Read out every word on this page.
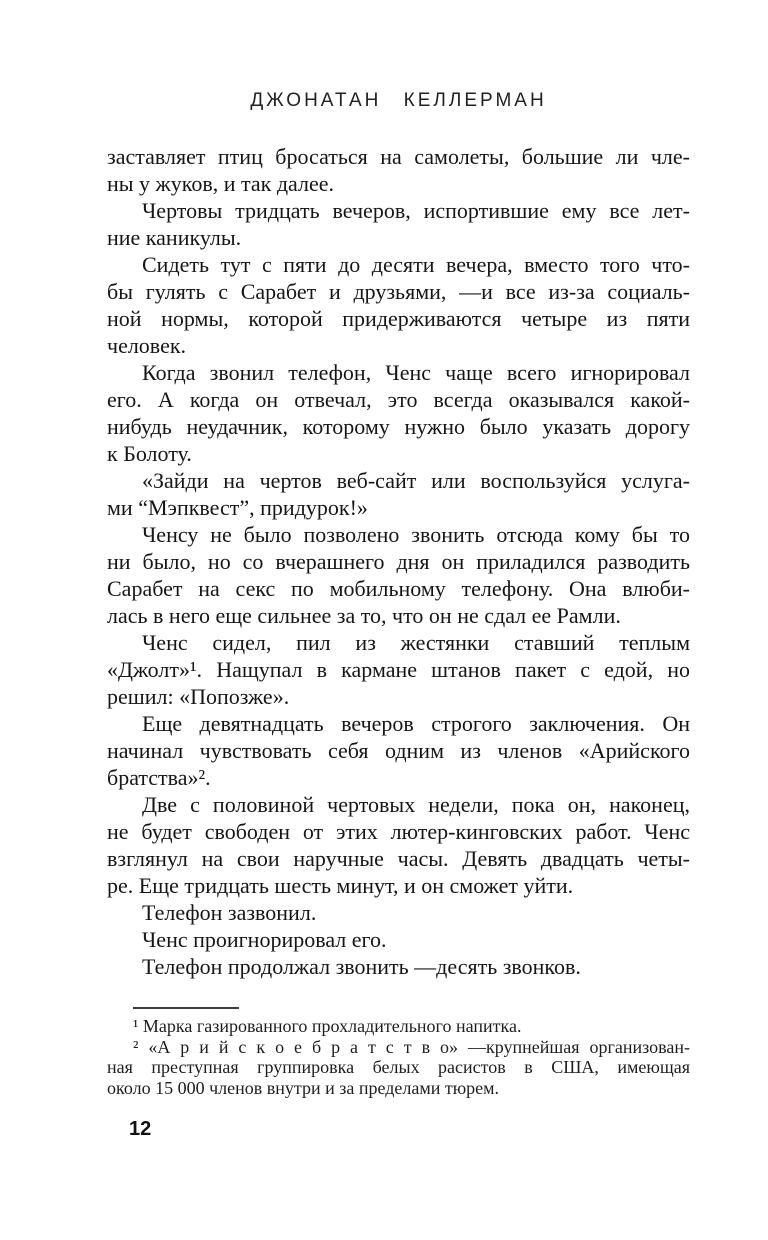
ДЖОНАТАН КЕЛЛЕРМАН
заставляет птиц бросаться на самолеты, большие ли чле-
ны у жуков, и так далее.
Чертовы тридцать вечеров, испортившие ему все лет-
ние каникулы.
Сидеть тут с пяти до десяти вечера, вместо того что-
бы гулять с Сарабет и друзьями, —и все из-за социаль-
ной нормы, которой придерживаются четыре из пяти
человек.
Когда звонил телефон, Ченс чаще всего игнорировал
его. А когда он отвечал, это всегда оказывался какой-
нибудь неудачник, которому нужно было указать дорогу
к Болоту.
«Зайди на чертов веб-сайт или воспользуйся услуга-
ми “Мэпквест”, придурок!»
Ченсу не было позволено звонить отсюда кому бы то
ни было, но со вчерашнего дня он приладился разводить
Сарабет на секс по мобильному телефону. Она влюби-
лась в него еще сильнее за то, что он не сдал ее Рамли.
Ченс сидел, пил из жестянки ставший теплым
«Джолт»¹. Нащупал в кармане штанов пакет с едой, но
решил: «Попозже».
Еще девятнадцать вечеров строгого заключения. Он
начинал чувствовать себя одним из членов «Арийского
братства»².
Две с половиной чертовых недели, пока он, наконец,
не будет свободен от этих лютер-кинговских работ. Ченс
взглянул на свои наручные часы. Девять двадцать четы-
ре. Еще тридцать шесть минут, и он сможет уйти.
Телефон зазвонил.
Ченс проигнорировал его.
Телефон продолжал звонить —десять звонков.
¹ Марка газированного прохладительного напитка.
² «А р и й с к о е б р а т с т в о» —крупнейшая организован-
ная преступная группировка белых расистов в США, имеющая
около 15 000 членов внутри и за пределами тюрем.
12
